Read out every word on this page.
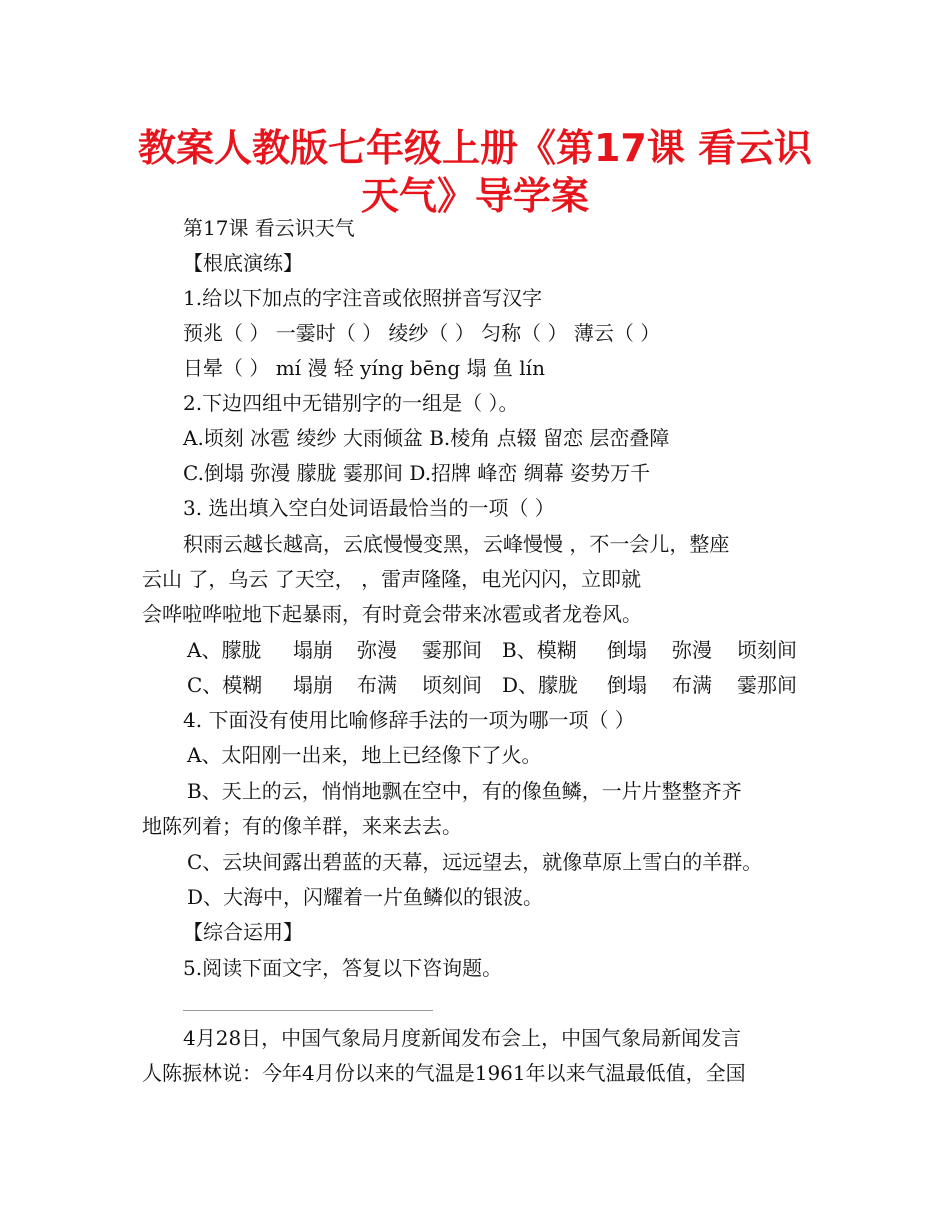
教案人教版七年级上册《第17课 看云识
天气》导学案
第17课 看云识天气
【根底演练】
1.给以下加点的字注音或依照拼音写汉字
预兆（ ） 一霎时（ ） 绫纱（ ） 匀称（ ） 薄云（ ）
日晕（ ） mí 漫 轻 yíng bēng 塌 鱼 lín
2.下边四组中无错别字的一组是（ ）。
A.顷刻 冰雹 绫纱 大雨倾盆 B.棱角 点辍 留恋 层峦叠障
C.倒塌 弥漫 朦胧 霎那间 D.招牌 峰峦 绸幕 姿势万千
3. 选出填入空白处词语最恰当的一项（ ）
积雨云越长越高，云底慢慢变黑，云峰慢慢 ，不一会儿，整座
云山 了，乌云 了天空， ，雷声隆隆，电光闪闪，立即就
会哗啦哗啦地下起暴雨，有时竟会带来冰雹或者龙卷风。
A、朦胧 塌崩 弥漫 霎那间 B、模糊 倒塌 弥漫 顷刻间
C、模糊 塌崩 布满 顷刻间 D、朦胧 倒塌 布满 霎那间
4. 下面没有使用比喻修辞手法的一项为哪一项（ ）
A、太阳刚一出来，地上已经像下了火。
B、天上的云，悄悄地飘在空中，有的像鱼鳞，一片片整整齐齐
地陈列着；有的像羊群，来来去去。
C、云块间露出碧蓝的天幕，远远望去，就像草原上雪白的羊群。
D、大海中，闪耀着一片鱼鳞似的银波。
【综合运用】
5.阅读下面文字，答复以下咨询题。
4月28日，中国气象局月度新闻发布会上，中国气象局新闻发言
人陈振林说：今年4月份以来的气温是1961年以来气温最低值，全国
